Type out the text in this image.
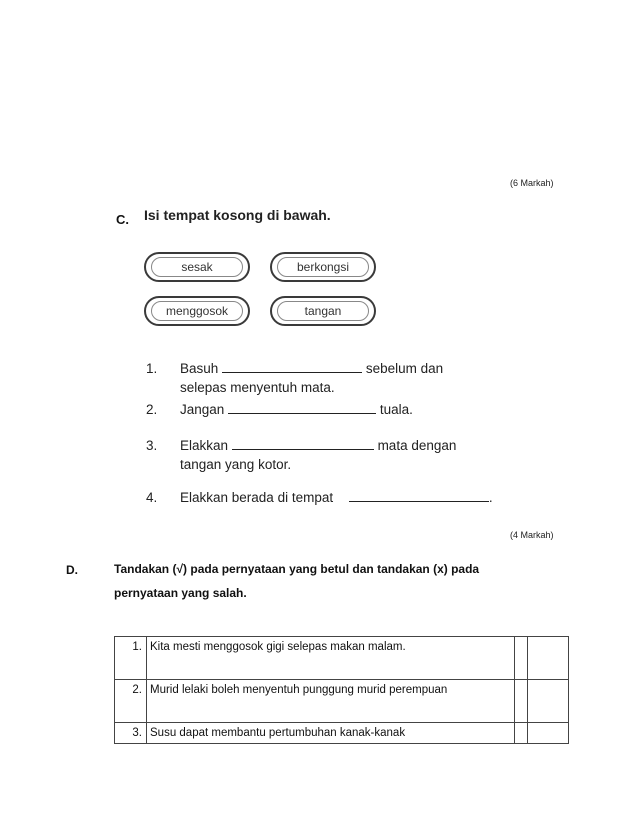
(6 Markah)
C. Isi tempat kosong di bawah.
sesak	berkongsi
menggosok	tangan
1. Basuh	sebelum dan
selepas menyentuh mata.
2. Jangan	tuala.
3. Elakkan	mata dengan
tangan yang kotor.
4. Elakkan berada di tempat	.
(4 Markah)
D.	Tandakan (√) pada pernyataan yang betul dan tandakan (x) pada
pernyataan yang salah.
1.	Kita mesti menggosok gigi selepas makan malam.		
2.	Murid lelaki boleh menyentuh punggung murid perempuan		
3.	Susu dapat membantu pertumbuhan kanak-kanak		
